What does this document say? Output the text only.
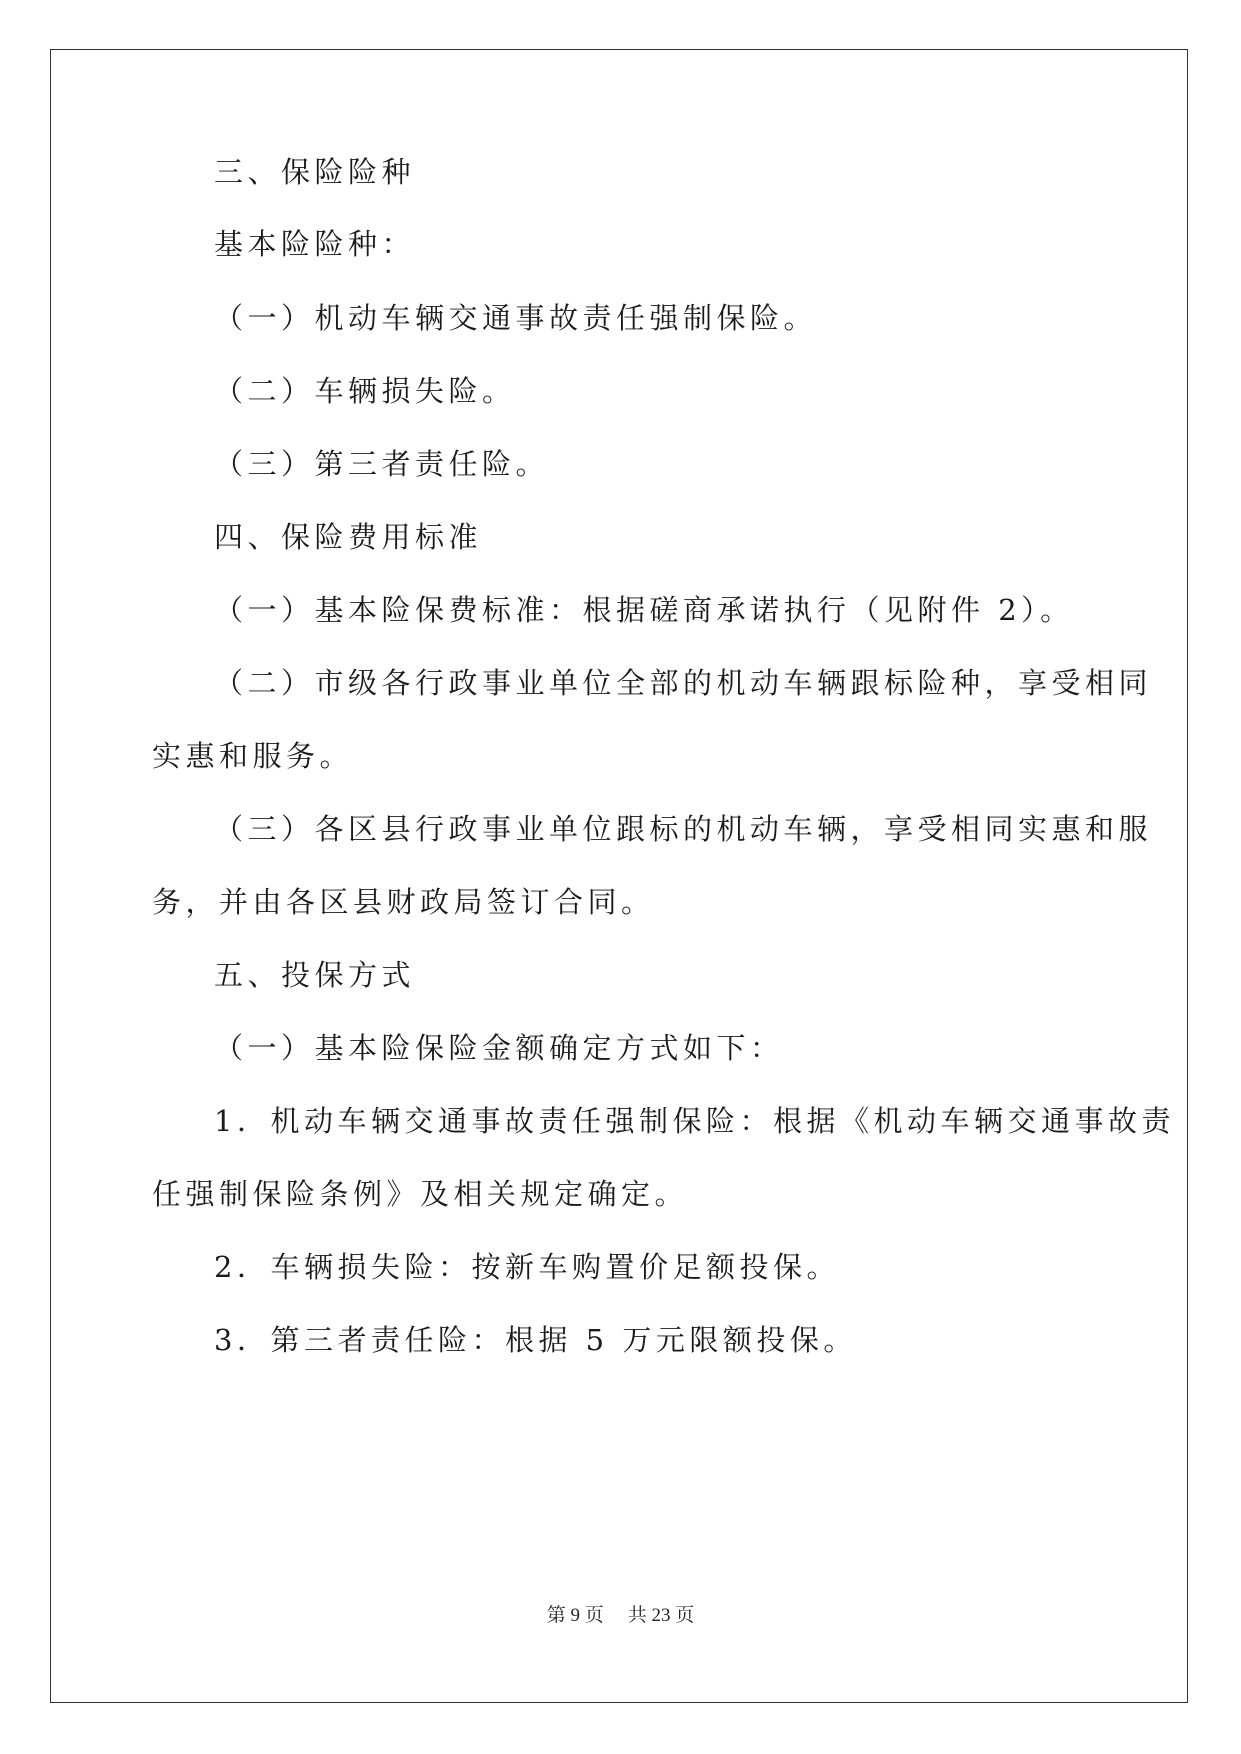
三、保险险种
基本险险种：
（一）机动车辆交通事故责任强制保险。
（二）车辆损失险。
（三）第三者责任险。
四、保险费用标准
（一）基本险保费标准：根据磋商承诺执行（见附件 2）。
（二）市级各行政事业单位全部的机动车辆跟标险种，享受相同
实惠和服务。
（三）各区县行政事业单位跟标的机动车辆，享受相同实惠和服
务，并由各区县财政局签订合同。
五、投保方式
（一）基本险保险金额确定方式如下：
1．机动车辆交通事故责任强制保险：根据《机动车辆交通事故责
任强制保险条例》及相关规定确定。
2．车辆损失险：按新车购置价足额投保。
3．第三者责任险：根据 5 万元限额投保。
第 9 页 共 23 页
